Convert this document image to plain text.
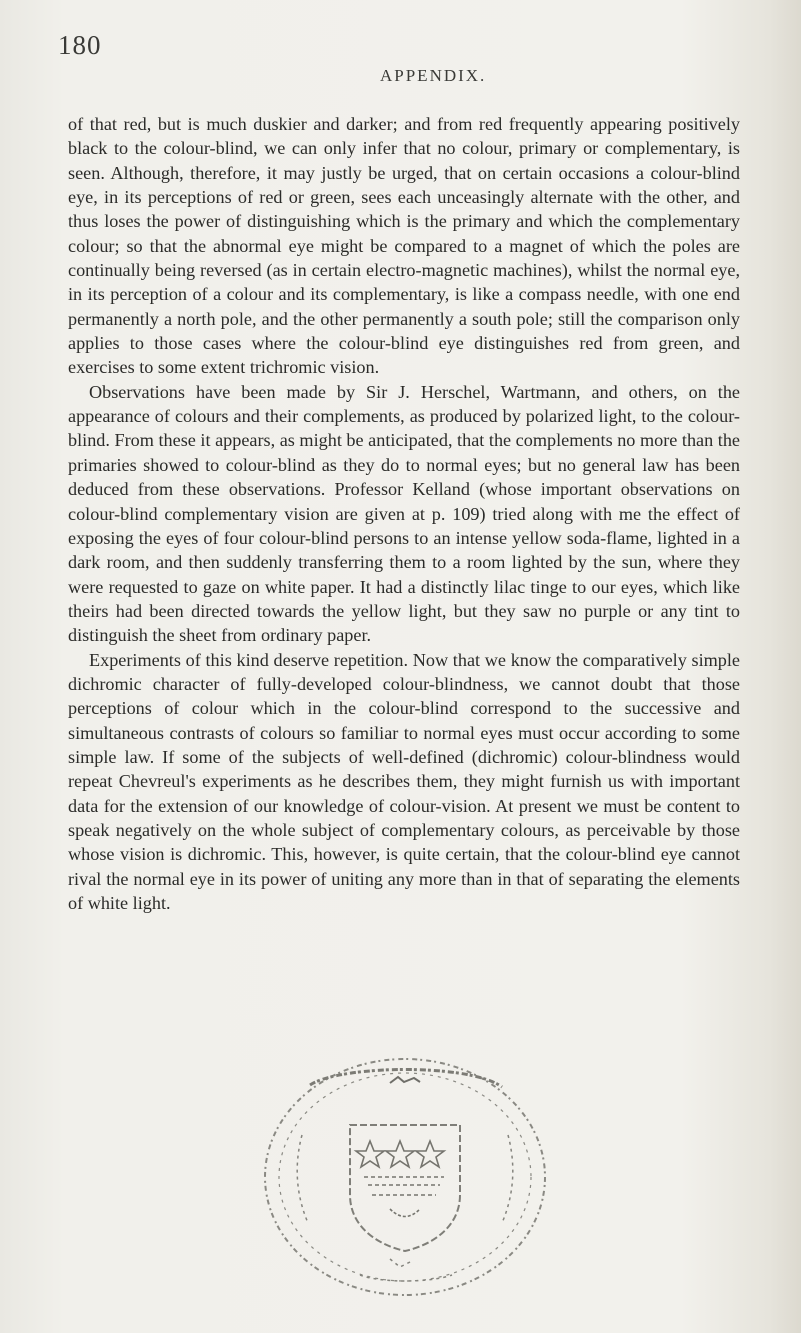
180
APPENDIX.

of that red, but is much duskier and darker; and from red frequently appearing positively black to the colour-blind, we can only infer that no colour, primary or complementary, is seen. Although, therefore, it may justly be urged, that on certain occasions a colour-blind eye, in its perceptions of red or green, sees each unceasingly alternate with the other, and thus loses the power of distinguishing which is the primary and which the complementary colour; so that the abnormal eye might be compared to a magnet of which the poles are continually being reversed (as in certain electro-magnetic machines), whilst the normal eye, in its perception of a colour and its complementary, is like a compass needle, with one end permanently a north pole, and the other permanently a south pole; still the comparison only applies to those cases where the colour-blind eye distinguishes red from green, and exercises to some extent trichromic vision.

Observations have been made by Sir J. Herschel, Wartmann, and others, on the appearance of colours and their complements, as produced by polarized light, to the colour-blind. From these it appears, as might be anticipated, that the complements no more than the primaries showed to colour-blind as they do to normal eyes; but no general law has been deduced from these observations. Professor Kelland (whose important observations on colour-blind complementary vision are given at p. 109) tried along with me the effect of exposing the eyes of four colour-blind persons to an intense yellow soda-flame, lighted in a dark room, and then suddenly transferring them to a room lighted by the sun, where they were requested to gaze on white paper. It had a distinctly lilac tinge to our eyes, which like theirs had been directed towards the yellow light, but they saw no purple or any tint to distinguish the sheet from ordinary paper.

Experiments of this kind deserve repetition. Now that we know the comparatively simple dichromic character of fully-developed colour-blindness, we cannot doubt that those perceptions of colour which in the colour-blind correspond to the successive and simultaneous contrasts of colours so familiar to normal eyes must occur according to some simple law. If some of the subjects of well-defined (dichromic) colour-blindness would repeat Chevreul's experiments as he describes them, they might furnish us with important data for the extension of our knowledge of colour-vision. At present we must be content to speak negatively on the whole subject of complementary colours, as perceivable by those whose vision is dichromic. This, however, is quite certain, that the colour-blind eye cannot rival the normal eye in its power of uniting any more than in that of separating the elements of white light.
